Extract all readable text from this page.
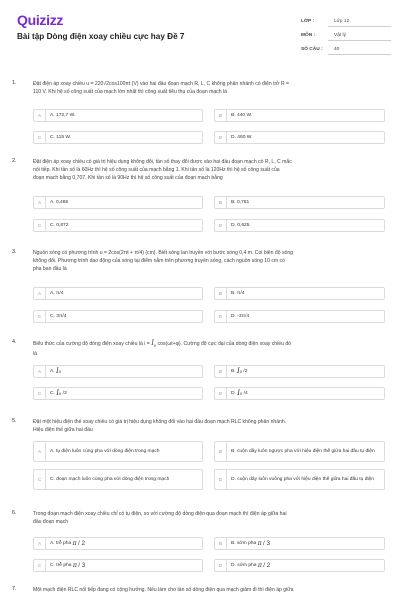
Quizizz
Bài tập Dòng điện xoay chiều cực hay Đề 7
LỚP :	Lớp 12
MÔN :	Vật lý
SỐ CÂU :	40
1.	Đặt điện áp xoay chiều u = 220√2cos100πt (V) vào hai đầu đoạn mạch R, L, C không phân nhánh có điện trở R =
110 V. Khi hệ số công suất của mạch lớn nhất thì công suất tiêu thụ của đoạn mạch là
A	A. 172,7 W.	B	B. 440 W.
C	C. 115 W.	D	D. 460 W.
2.	Đặt điện áp xoay chiều có giá trị hiệu dụng không đổi, tần số thay đổi được vào hai đầu đoạn mạch có R, L, C mắc
nối tiếp. Khi tần số là 60Hz thì hệ số công suất của mạch bằng 1. Khi tần số là 120Hz thì hệ số công suất của
đoạn mạch bằng 0,707. Khi tần số là 90Hz thì hệ số công suất của đoạn mạch bằng
A	A. 0,486	B	B. 0,781
C	C. 0,872	D	D. 0,625
3.	Nguồn sóng có phương trình u = 2cos(2πt + π/4) (cm). Biết sóng lan truyền với bước sóng 0,4 m. Coi biên độ sóng
không đổi. Phương trình dao động của sóng tại điểm nằm trên phương truyền sóng, cách nguồn sóng 10 cm có
pha ban đầu là
A	A. π/4	B	B. π/4
C	C. 3π/4	D	D. -3π/4
4.	Biểu thức của cường độ dòng điện xoay chiều là $i = I_0$ cos(ωt+φ). Cường độ cực đại của dòng điện xoay chiều đó
là
A	A.
I 0
	B	B.
I 0
/2
C	C.
I 0
/3	D	D.
I 0
/4
5.	Đặt một hiệu điện thế xoay chiều có giá trị hiệu dụng không đổi vào hai đầu đoạn mạch RLC không phân nhánh.
Hiệu điện thế giữa hai đầu
A	A. tụ điện luôn cùng pha với dòng điện trong mạch	B	B. cuộn dây luôn ngược pha với hiệu điện thế giữa hai đầu tụ điện
C	C. đoạn mạch luôn cùng pha với dòng điện trong mạch	D	D. cuộn dây luôn vuông pha với hiệu điện thế giữa hai đầu tụ điện
6.	Trong đoạn mạch điện xoay chiều chỉ có tụ điện, so với cường độ dòng điện qua đoạn mạch thì điện áp giữa hai
đầu đoạn mạch
A	A. trễ pha
π
/ 2	B	B. sớm pha
π
/ 3
C	C. trễ pha
π
/ 3	D	D. sớm pha
π
/ 2
7.	Một mạch điện RLC nối tiếp đang có cộng hưởng. Nếu làm cho tần số dòng điện qua mạch giảm đi thì điện áp giữa
